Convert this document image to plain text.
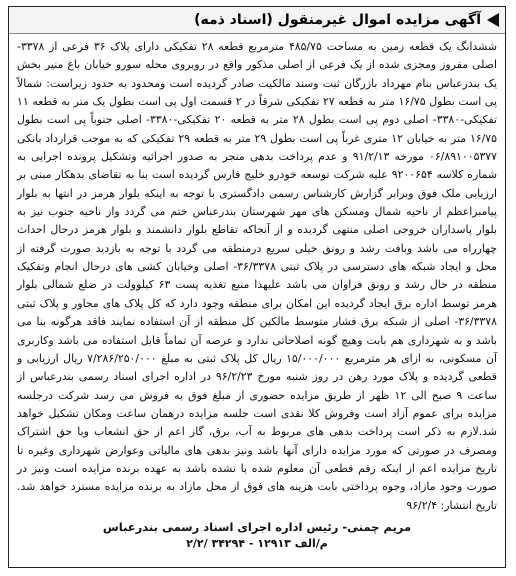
آگهی مزایده اموال غیرمنقول (اسناد ذمه)

ششدانگ یک قطعه زمین به مساحت ۴۸۵/۷۵ مترمربع قطعه ۲۸ تفکیکی دارای پلاک ۳۶ فرعی از ۳۳۷۸- اصلی مفروز ومجزی شده از یک فرعی از اصلی مذکور واقع در روبروی محله سورو خیابان باغ منیر بخش یک بندرعباس بنام مهرداد بازرگان ثبت وسند مالکیت صادر گردیده است ومحدود به حدود زیراست: شمالاً پی است بطول ۱۶/۷۵ متر به قطعه ۲۷ تفکیکی شرقاً در ۲ قسمت اول پی است بطول یک متر به قطعه ۱۱ تفکیکی-۳۳۸۰- اصلی دوم پی است بطول ۲۸ متر به قطعه ۲۰ تفکیکی-۳۳۸۰- اصلی جنوباً پی است بطول ۱۶/۷۵ متر به خیابان ۱۲ متری غرباً پی است بطول ۲۹ متر به قطعه ۲۹ تفکیکی که به موجب قرارداد بانکی ۰۶/۸۹۱۰۰۵۳۷۷ مورخه ۹۱/۲/۱۳ و عدم پرداخت بدهی منجر به صدور اجرائیه وتشکیل پرونده اجرایی به شماره کلاسه ۹۲۰۰۶۵۴ علیه شرکت توسعه خودرو خلیج فارس گردیده است بنا به تقاضای بدهکار مبنی بر ارزیابی ملک فوق وبرابر گزارش کارشناس رسمی دادگستری با توجه به اینکه بلوار هرمز در انتها به بلوار پیامبراعظم از ناحیه شمال ومسکن های مهر شهرستان بندرعباس ختم می گردد واز ناحیه جنوب نیز به بلوار پاسداران خروجی اصلی منتهی گردیده و از آنجاکه تقاطع بلوار دانشمند و بلوار هرمز درحال احداث چهارراه می باشد وبافت رشد و رونق خیلی سریع درمنطقه می گردد با توجه به بازدید صورت گرفته از محل و ایجاد شبکه های دسترسی در پلاک ثبتی ۳۶/۳۳۷۸- اصلی وخیابان کشی های درحال انجام وتفکیک منطقه در حال رشد و رونق فراوان می باشد علیهذا منبع تغذیه پست ۶۳ کیلوولت در ضلع شمالی بلوار هرمز توسط اداره برق ایجاد گردیده این امکان برای منطقه وجود دارد که کل پلاک های مجاور و پلاک ثبتی ۳۶/۳۳۷۸- اصلی از شبکه برق فشار متوسط مالکین کل منطقه از آن استفاده نمایند فاقد هرگونه بنا می باشد و به شهرداری هم بابت وهیچ گونه اصلاحاتی ندارد و عرصه آن تماماً قابل استفاده می باشد وکاربری آن مسکونی، به ازای هر مترمربع ۱۵/۰۰۰/۰۰۰ ریال کل پلاک ثبتی به مبلغ ۷/۲۸۶/۲۵۰/۰۰۰ ریال ارزیابی و قطعی گردیده و پلاک مورد رهن در روز شنبه مورخ ۹۶/۲/۲۳ در اداره اجرای اسناد رسمی بندرعباس از ساعت ۹ صبح الی ۱۲ ظهر از طریق مزایده حضوری از مبلغ فوق به فروش می رسد شرکت درجلسه مزایده برای عموم آزاد است وفروش کلا نقدی است جلسه مزایده درهمان ساعت ومکان تشکیل خواهد شد.لازم به ذکر است پرداخت بدهی های مربوط به آب، برق، گاز اعم از حق انشعاب ویا حق اشتراک ومصرف در صورتی که مورد مزایده دارای آنها باشد ونیز بدهی های مالیاتی وعوارض شهرداری وغیره تا تاریخ مزایده اعم از اینکه رقم قطعی آن معلوم شده یا نشده باشد به عهده برنده مزایده است ونیز در صورت وجود مازاد، وجوه پرداختی بابت هزینه های فوق از محل مازاد به برنده مزایده مسترد خواهد شد. تاریخ انتشار: ۹۶/۲/۴

مریم چمنی- رئیس اداره اجرای اسناد رسمی بندرعباس
م/الف ۱۲۹۱۳ - ۳۴۲۹۴ /۲/۲
